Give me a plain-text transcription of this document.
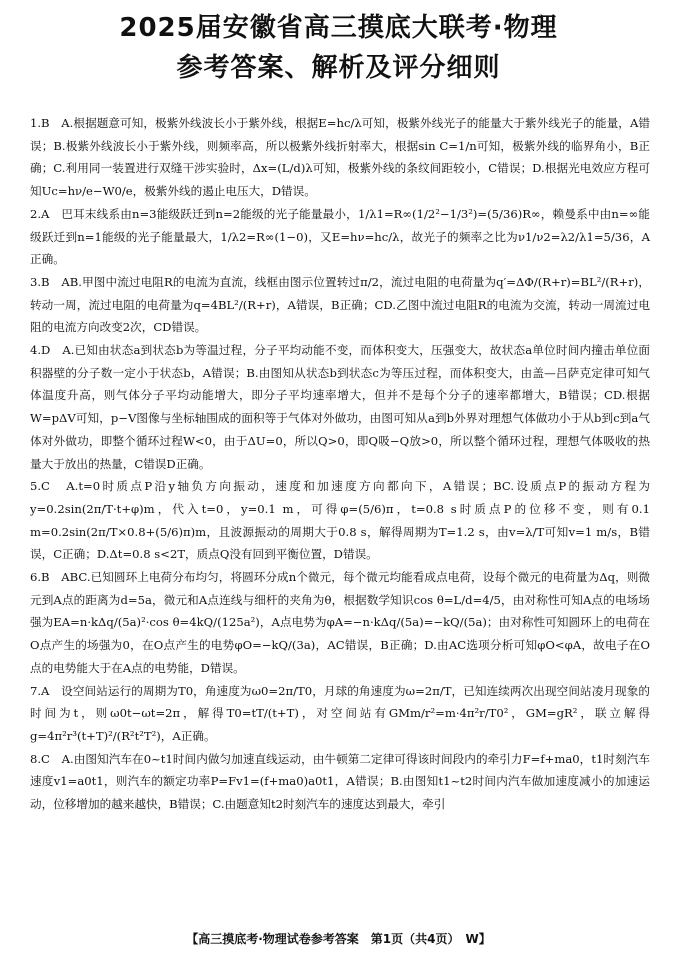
2025届安徽省高三摸底大联考·物理
参考答案、解析及评分细则

1.B　A.根据题意可知，极紫外线波长小于紫外线，根据E=hc/λ可知，极紫外线光子的能量大于紫外线光子的能量，A错误；B.极紫外线波长小于紫外线，则频率高，所以极紫外线折射率大，根据sin C=1/n可知，极紫外线的临界角小，B正确；C.利用同一装置进行双缝干涉实验时，Δx=(L/d)λ可知，极紫外线的条纹间距较小，C错误；D.根据光电效应方程可知Uc=hν/e−W0/e，极紫外线的遏止电压大，D错误。

2.A　巴耳末线系由n=3能级跃迁到n=2能级的光子能量最小，1/λ1=R∞(1/2²−1/3²)=(5/36)R∞，赖曼系中由n=∞能级跃迁到n=1能级的光子能量最大，1/λ2=R∞(1−0)，又E=hν=hc/λ，故光子的频率之比为ν1/ν2=λ2/λ1=5/36，A正确。

3.B　AB.甲图中流过电阻R的电流为直流，线框由图示位置转过π/2，流过电阻的电荷量为q′=ΔΦ/(R+r)=BL²/(R+r)，转动一周，流过电阻的电荷量为q=4BL²/(R+r)，A错误，B正确；CD.乙图中流过电阻R的电流为交流，转动一周流过电阻的电流方向改变2次，CD错误。

4.D　A.已知由状态a到状态b为等温过程，分子平均动能不变，而体积变大，压强变大，故状态a单位时间内撞击单位面积器壁的分子数一定小于状态b，A错误；B.由图知从状态b到状态c为等压过程，而体积变大，由盖—吕萨克定律可知气体温度升高，则气体分子平均动能增大，即分子平均速率增大，但并不是每个分子的速率都增大，B错误；CD.根据W=pΔV可知，p−V图像与坐标轴围成的面积等于气体对外做功，由图可知从a到b外界对理想气体做功小于从b到c到a气体对外做功，即整个循环过程W<0，由于ΔU=0，所以Q>0，即Q吸−Q放>0，所以整个循环过程，理想气体吸收的热量大于放出的热量，C错误D正确。

5.C　A.t=0时质点P沿y轴负方向振动，速度和加速度方向都向下，A错误；BC.设质点P的振动方程为y=0.2sin(2π/T·t+φ)m，代入t=0，y=0.1 m，可得φ=(5/6)π，t=0.8 s时质点P的位移不变，则有0.1 m=0.2sin(2π/T×0.8+(5/6)π)m，且波源振动的周期大于0.8 s，解得周期为T=1.2 s，由v=λ/T可知v=1 m/s，B错误，C正确；D.Δt=0.8 s<2T，质点Q没有回到平衡位置，D错误。

6.B　ABC.已知圆环上电荷分布均匀，将圆环分成n个微元，每个微元均能看成点电荷，设每个微元的电荷量为Δq，则微元到A点的距离为d=5a，微元和A点连线与细杆的夹角为θ，根据数学知识cos θ=L/d=4/5，由对称性可知A点的电场场强为EA=n·kΔq/(5a)²·cos θ=4kQ/(125a²)，A点电势为φA=−n·kΔq/(5a)=−kQ/(5a)；由对称性可知圆环上的电荷在O点产生的场强为0，在O点产生的电势φO=−kQ/(3a)，AC错误，B正确；D.由AC选项分析可知φO<φA，故电子在O点的电势能大于在A点的电势能，D错误。

7.A　设空间站运行的周期为T0，角速度为ω0=2π/T0，月球的角速度为ω=2π/T，已知连续两次出现空间站凌月现象的时间为t，则ω0t−ωt=2π，解得T0=tT/(t+T)，对空间站有GMm/r²=m·4π²r/T0²，GM=gR²，联立解得g=4π²r³(t+T)²/(R²t²T²)，A正确。

8.C　A.由图知汽车在0~t1时间内做匀加速直线运动，由牛顿第二定律可得该时间段内的牵引力F=f+ma0，t1时刻汽车速度v1=a0t1，则汽车的额定功率P=Fv1=(f+ma0)a0t1，A错误；B.由图知t1~t2时间内汽车做加速度减小的加速运动，位移增加的越来越快，B错误；C.由题意知t2时刻汽车的速度达到最大，牵引

【高三摸底考·物理试卷参考答案　第1页（共4页）　W】
